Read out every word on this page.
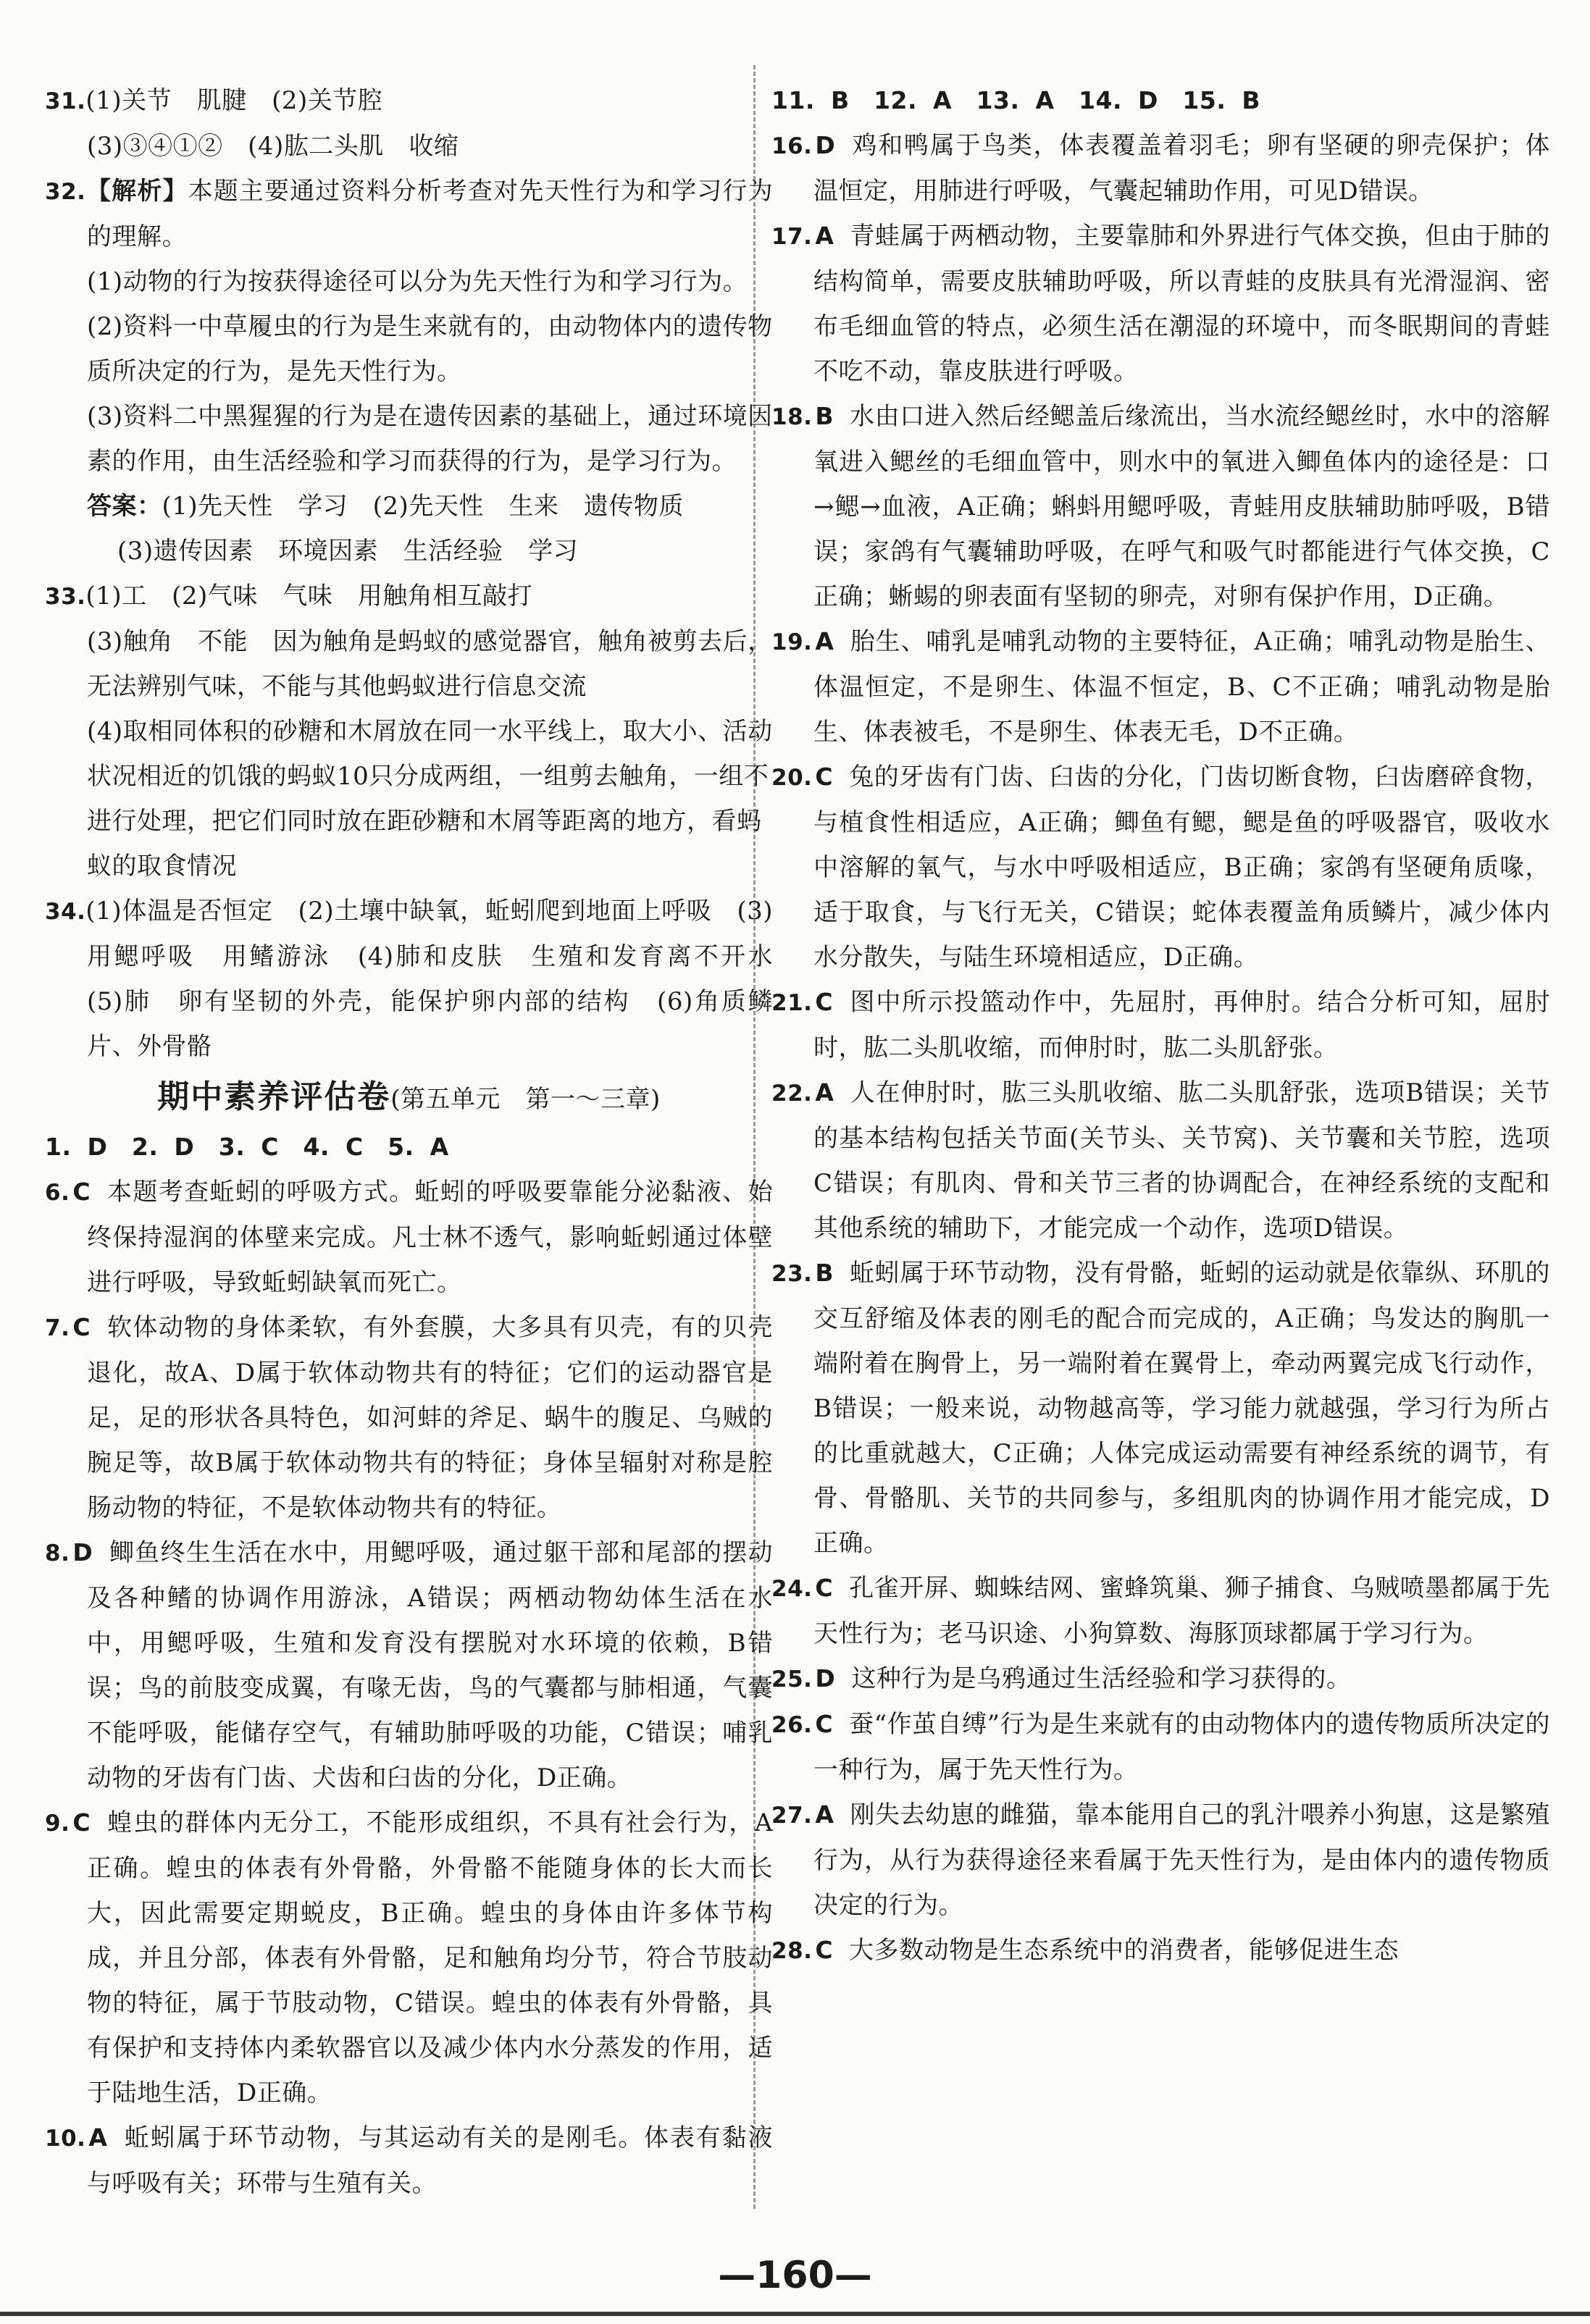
31.(1)关节　肌腱　(2)关节腔

(3)③④①②　(4)肱二头肌　收缩

32.【解析】本题主要通过资料分析考查对先天性行为和学习行为的理解。

(1)动物的行为按获得途径可以分为先天性行为和学习行为。

(2)资料一中草履虫的行为是生来就有的，由动物体内的遗传物质所决定的行为，是先天性行为。

(3)资料二中黑猩猩的行为是在遗传因素的基础上，通过环境因素的作用，由生活经验和学习而获得的行为，是学习行为。

答案：(1)先天性　学习　(2)先天性　生来　遗传物质

(3)遗传因素　环境因素　生活经验　学习

33.(1)工　(2)气味　气味　用触角相互敲打

(3)触角　不能　因为触角是蚂蚁的感觉器官，触角被剪去后，无法辨别气味，不能与其他蚂蚁进行信息交流

(4)取相同体积的砂糖和木屑放在同一水平线上，取大小、活动状况相近的饥饿的蚂蚁10只分成两组，一组剪去触角，一组不进行处理，把它们同时放在距砂糖和木屑等距离的地方，看蚂蚁的取食情况

34.(1)体温是否恒定　(2)土壤中缺氧，蚯蚓爬到地面上呼吸　(3)用鳃呼吸　用鳍游泳　(4)肺和皮肤　生殖和发育离不开水　(5)肺　卵有坚韧的外壳，能保护卵内部的结构　(6)角质鳞片、外骨骼

期中素养评估卷(第五单元　第一～三章)

1. D　2. D　3. C　4. C　5. A

6. C 本题考查蚯蚓的呼吸方式。蚯蚓的呼吸要靠能分泌黏液、始终保持湿润的体壁来完成。凡士林不透气，影响蚯蚓通过体壁进行呼吸，导致蚯蚓缺氧而死亡。

7. C 软体动物的身体柔软，有外套膜，大多具有贝壳，有的贝壳退化，故A、D属于软体动物共有的特征；它们的运动器官是足，足的形状各具特色，如河蚌的斧足、蜗牛的腹足、乌贼的腕足等，故B属于软体动物共有的特征；身体呈辐射对称是腔肠动物的特征，不是软体动物共有的特征。

8. D 鲫鱼终生生活在水中，用鳃呼吸，通过躯干部和尾部的摆动及各种鳍的协调作用游泳，A错误；两栖动物幼体生活在水中，用鳃呼吸，生殖和发育没有摆脱对水环境的依赖，B错误；鸟的前肢变成翼，有喙无齿，鸟的气囊都与肺相通，气囊不能呼吸，能储存空气，有辅助肺呼吸的功能，C错误；哺乳动物的牙齿有门齿、犬齿和臼齿的分化，D正确。

9. C 蝗虫的群体内无分工，不能形成组织，不具有社会行为，A正确。蝗虫的体表有外骨骼，外骨骼不能随身体的长大而长大，因此需要定期蜕皮，B正确。蝗虫的身体由许多体节构成，并且分部，体表有外骨骼，足和触角均分节，符合节肢动物的特征，属于节肢动物，C错误。蝗虫的体表有外骨骼，具有保护和支持体内柔软器官以及减少体内水分蒸发的作用，适于陆地生活，D正确。

10. A 蚯蚓属于环节动物，与其运动有关的是刚毛。体表有黏液与呼吸有关；环带与生殖有关。

11. B　12. A　13. A　14. D　15. B

16. D 鸡和鸭属于鸟类，体表覆盖着羽毛；卵有坚硬的卵壳保护；体温恒定，用肺进行呼吸，气囊起辅助作用，可见D错误。

17. A 青蛙属于两栖动物，主要靠肺和外界进行气体交换，但由于肺的结构简单，需要皮肤辅助呼吸，所以青蛙的皮肤具有光滑湿润、密布毛细血管的特点，必须生活在潮湿的环境中，而冬眠期间的青蛙不吃不动，靠皮肤进行呼吸。

18. B 水由口进入然后经鳃盖后缘流出，当水流经鳃丝时，水中的溶解氧进入鳃丝的毛细血管中，则水中的氧进入鲫鱼体内的途径是：口→鳃→血液，A正确；蝌蚪用鳃呼吸，青蛙用皮肤辅助肺呼吸，B错误；家鸽有气囊辅助呼吸，在呼气和吸气时都能进行气体交换，C正确；蜥蜴的卵表面有坚韧的卵壳，对卵有保护作用，D正确。

19. A 胎生、哺乳是哺乳动物的主要特征，A正确；哺乳动物是胎生、体温恒定，不是卵生、体温不恒定，B、C不正确；哺乳动物是胎生、体表被毛，不是卵生、体表无毛，D不正确。

20. C 兔的牙齿有门齿、臼齿的分化，门齿切断食物，臼齿磨碎食物，与植食性相适应，A正确；鲫鱼有鳃，鳃是鱼的呼吸器官，吸收水中溶解的氧气，与水中呼吸相适应，B正确；家鸽有坚硬角质喙，适于取食，与飞行无关，C错误；蛇体表覆盖角质鳞片，减少体内水分散失，与陆生环境相适应，D正确。

21. C 图中所示投篮动作中，先屈肘，再伸肘。结合分析可知，屈肘时，肱二头肌收缩，而伸肘时，肱二头肌舒张。

22. A 人在伸肘时，肱三头肌收缩、肱二头肌舒张，选项B错误；关节的基本结构包括关节面(关节头、关节窝)、关节囊和关节腔，选项C错误；有肌肉、骨和关节三者的协调配合，在神经系统的支配和其他系统的辅助下，才能完成一个动作，选项D错误。

23. B 蚯蚓属于环节动物，没有骨骼，蚯蚓的运动就是依靠纵、环肌的交互舒缩及体表的刚毛的配合而完成的，A正确；鸟发达的胸肌一端附着在胸骨上，另一端附着在翼骨上，牵动两翼完成飞行动作，B错误；一般来说，动物越高等，学习能力就越强，学习行为所占的比重就越大，C正确；人体完成运动需要有神经系统的调节，有骨、骨骼肌、关节的共同参与，多组肌肉的协调作用才能完成，D正确。

24. C 孔雀开屏、蜘蛛结网、蜜蜂筑巢、狮子捕食、乌贼喷墨都属于先天性行为；老马识途、小狗算数、海豚顶球都属于学习行为。

25. D 这种行为是乌鸦通过生活经验和学习获得的。

26. C 蚕“作茧自缚”行为是生来就有的由动物体内的遗传物质所决定的一种行为，属于先天性行为。

27. A 刚失去幼崽的雌猫，靠本能用自己的乳汁喂养小狗崽，这是繁殖行为，从行为获得途径来看属于先天性行为，是由体内的遗传物质决定的行为。

28. C 大多数动物是生态系统中的消费者，能够促进生态

—160—
